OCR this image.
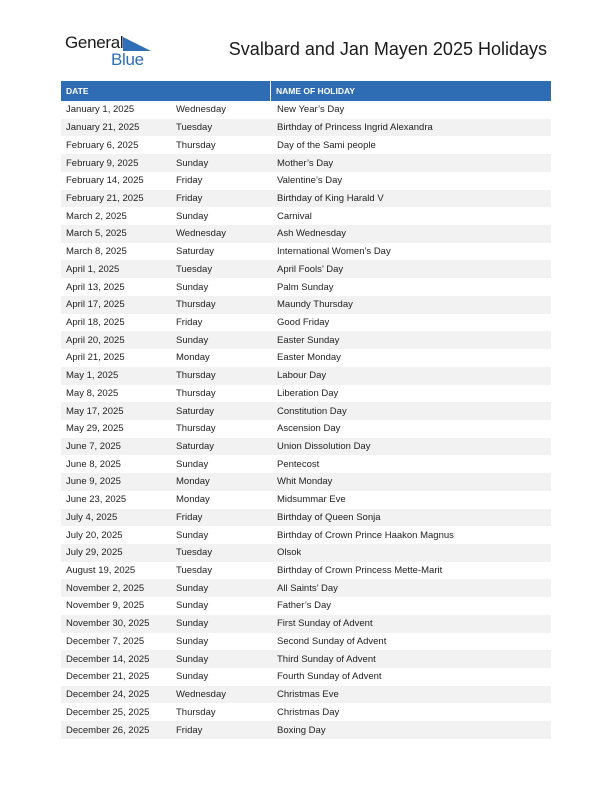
General
Blue
Svalbard and Jan Mayen 2025 Holidays
DATE	NAME OF HOLIDAY
January 1, 2025	Wednesday	New Year’s Day
January 21, 2025	Tuesday	Birthday of Princess Ingrid Alexandra
February 6, 2025	Thursday	Day of the Sami people
February 9, 2025	Sunday	Mother’s Day
February 14, 2025	Friday	Valentine’s Day
February 21, 2025	Friday	Birthday of King Harald V
March 2, 2025	Sunday	Carnival
March 5, 2025	Wednesday	Ash Wednesday
March 8, 2025	Saturday	International Women’s Day
April 1, 2025	Tuesday	April Fools’ Day
April 13, 2025	Sunday	Palm Sunday
April 17, 2025	Thursday	Maundy Thursday
April 18, 2025	Friday	Good Friday
April 20, 2025	Sunday	Easter Sunday
April 21, 2025	Monday	Easter Monday
May 1, 2025	Thursday	Labour Day
May 8, 2025	Thursday	Liberation Day
May 17, 2025	Saturday	Constitution Day
May 29, 2025	Thursday	Ascension Day
June 7, 2025	Saturday	Union Dissolution Day
June 8, 2025	Sunday	Pentecost
June 9, 2025	Monday	Whit Monday
June 23, 2025	Monday	Midsummar Eve
July 4, 2025	Friday	Birthday of Queen Sonja
July 20, 2025	Sunday	Birthday of Crown Prince Haakon Magnus
July 29, 2025	Tuesday	Olsok
August 19, 2025	Tuesday	Birthday of Crown Princess Mette-Marit
November 2, 2025	Sunday	All Saints’ Day
November 9, 2025	Sunday	Father’s Day
November 30, 2025	Sunday	First Sunday of Advent
December 7, 2025	Sunday	Second Sunday of Advent
December 14, 2025	Sunday	Third Sunday of Advent
December 21, 2025	Sunday	Fourth Sunday of Advent
December 24, 2025	Wednesday	Christmas Eve
December 25, 2025	Thursday	Christmas Day
December 26, 2025	Friday	Boxing Day
